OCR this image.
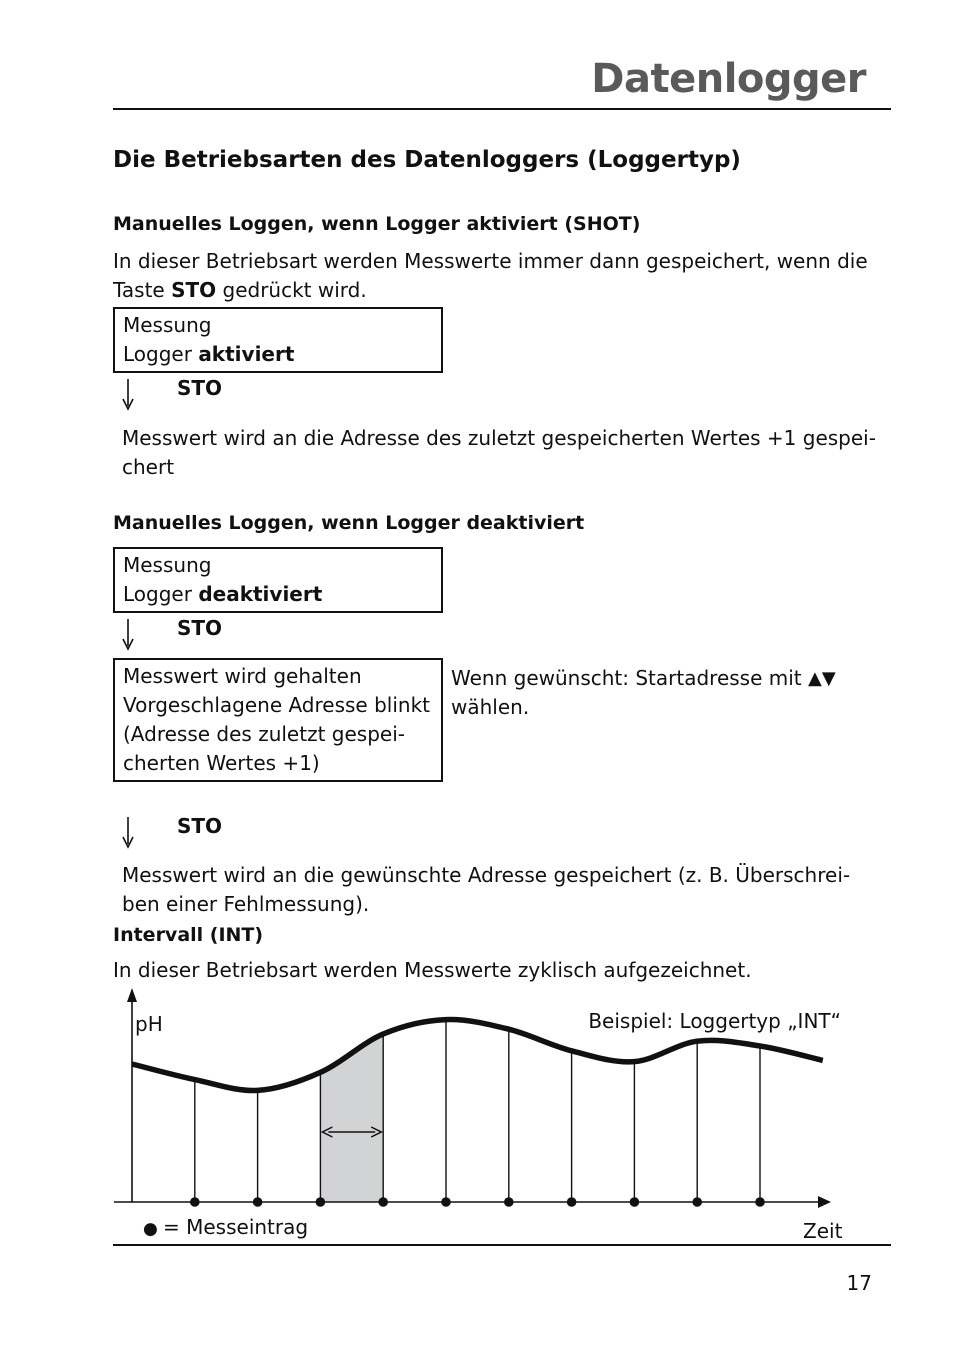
Datenlogger
Die Betriebsarten des Datenloggers (Loggertyp)
Manuelles Loggen, wenn Logger aktiviert (SHOT)
In dieser Betriebsart werden Messwerte immer dann gespeichert, wenn die Taste STO gedrückt wird.
Messung
Logger aktiviert
STO
Messwert wird an die Adresse des zuletzt gespeicherten Wertes +1 gespeichert
Manuelles Loggen, wenn Logger deaktiviert
Messung
Logger deaktiviert
STO
Messwert wird gehalten
Vorgeschlagene Adresse blinkt
(Adresse des zuletzt gespeicherten Wertes +1)
Wenn gewünscht: Startadresse mit ▲▼
wählen.
STO
Messwert wird an die gewünschte Adresse gespeichert (z. B. Überschreiben einer Fehlmessung).
Intervall (INT)
In dieser Betriebsart werden Messwerte zyklisch aufgezeichnet.
pH	Beispiel: Loggertyp „INT“
Zeit
● = Messeintrag
17
